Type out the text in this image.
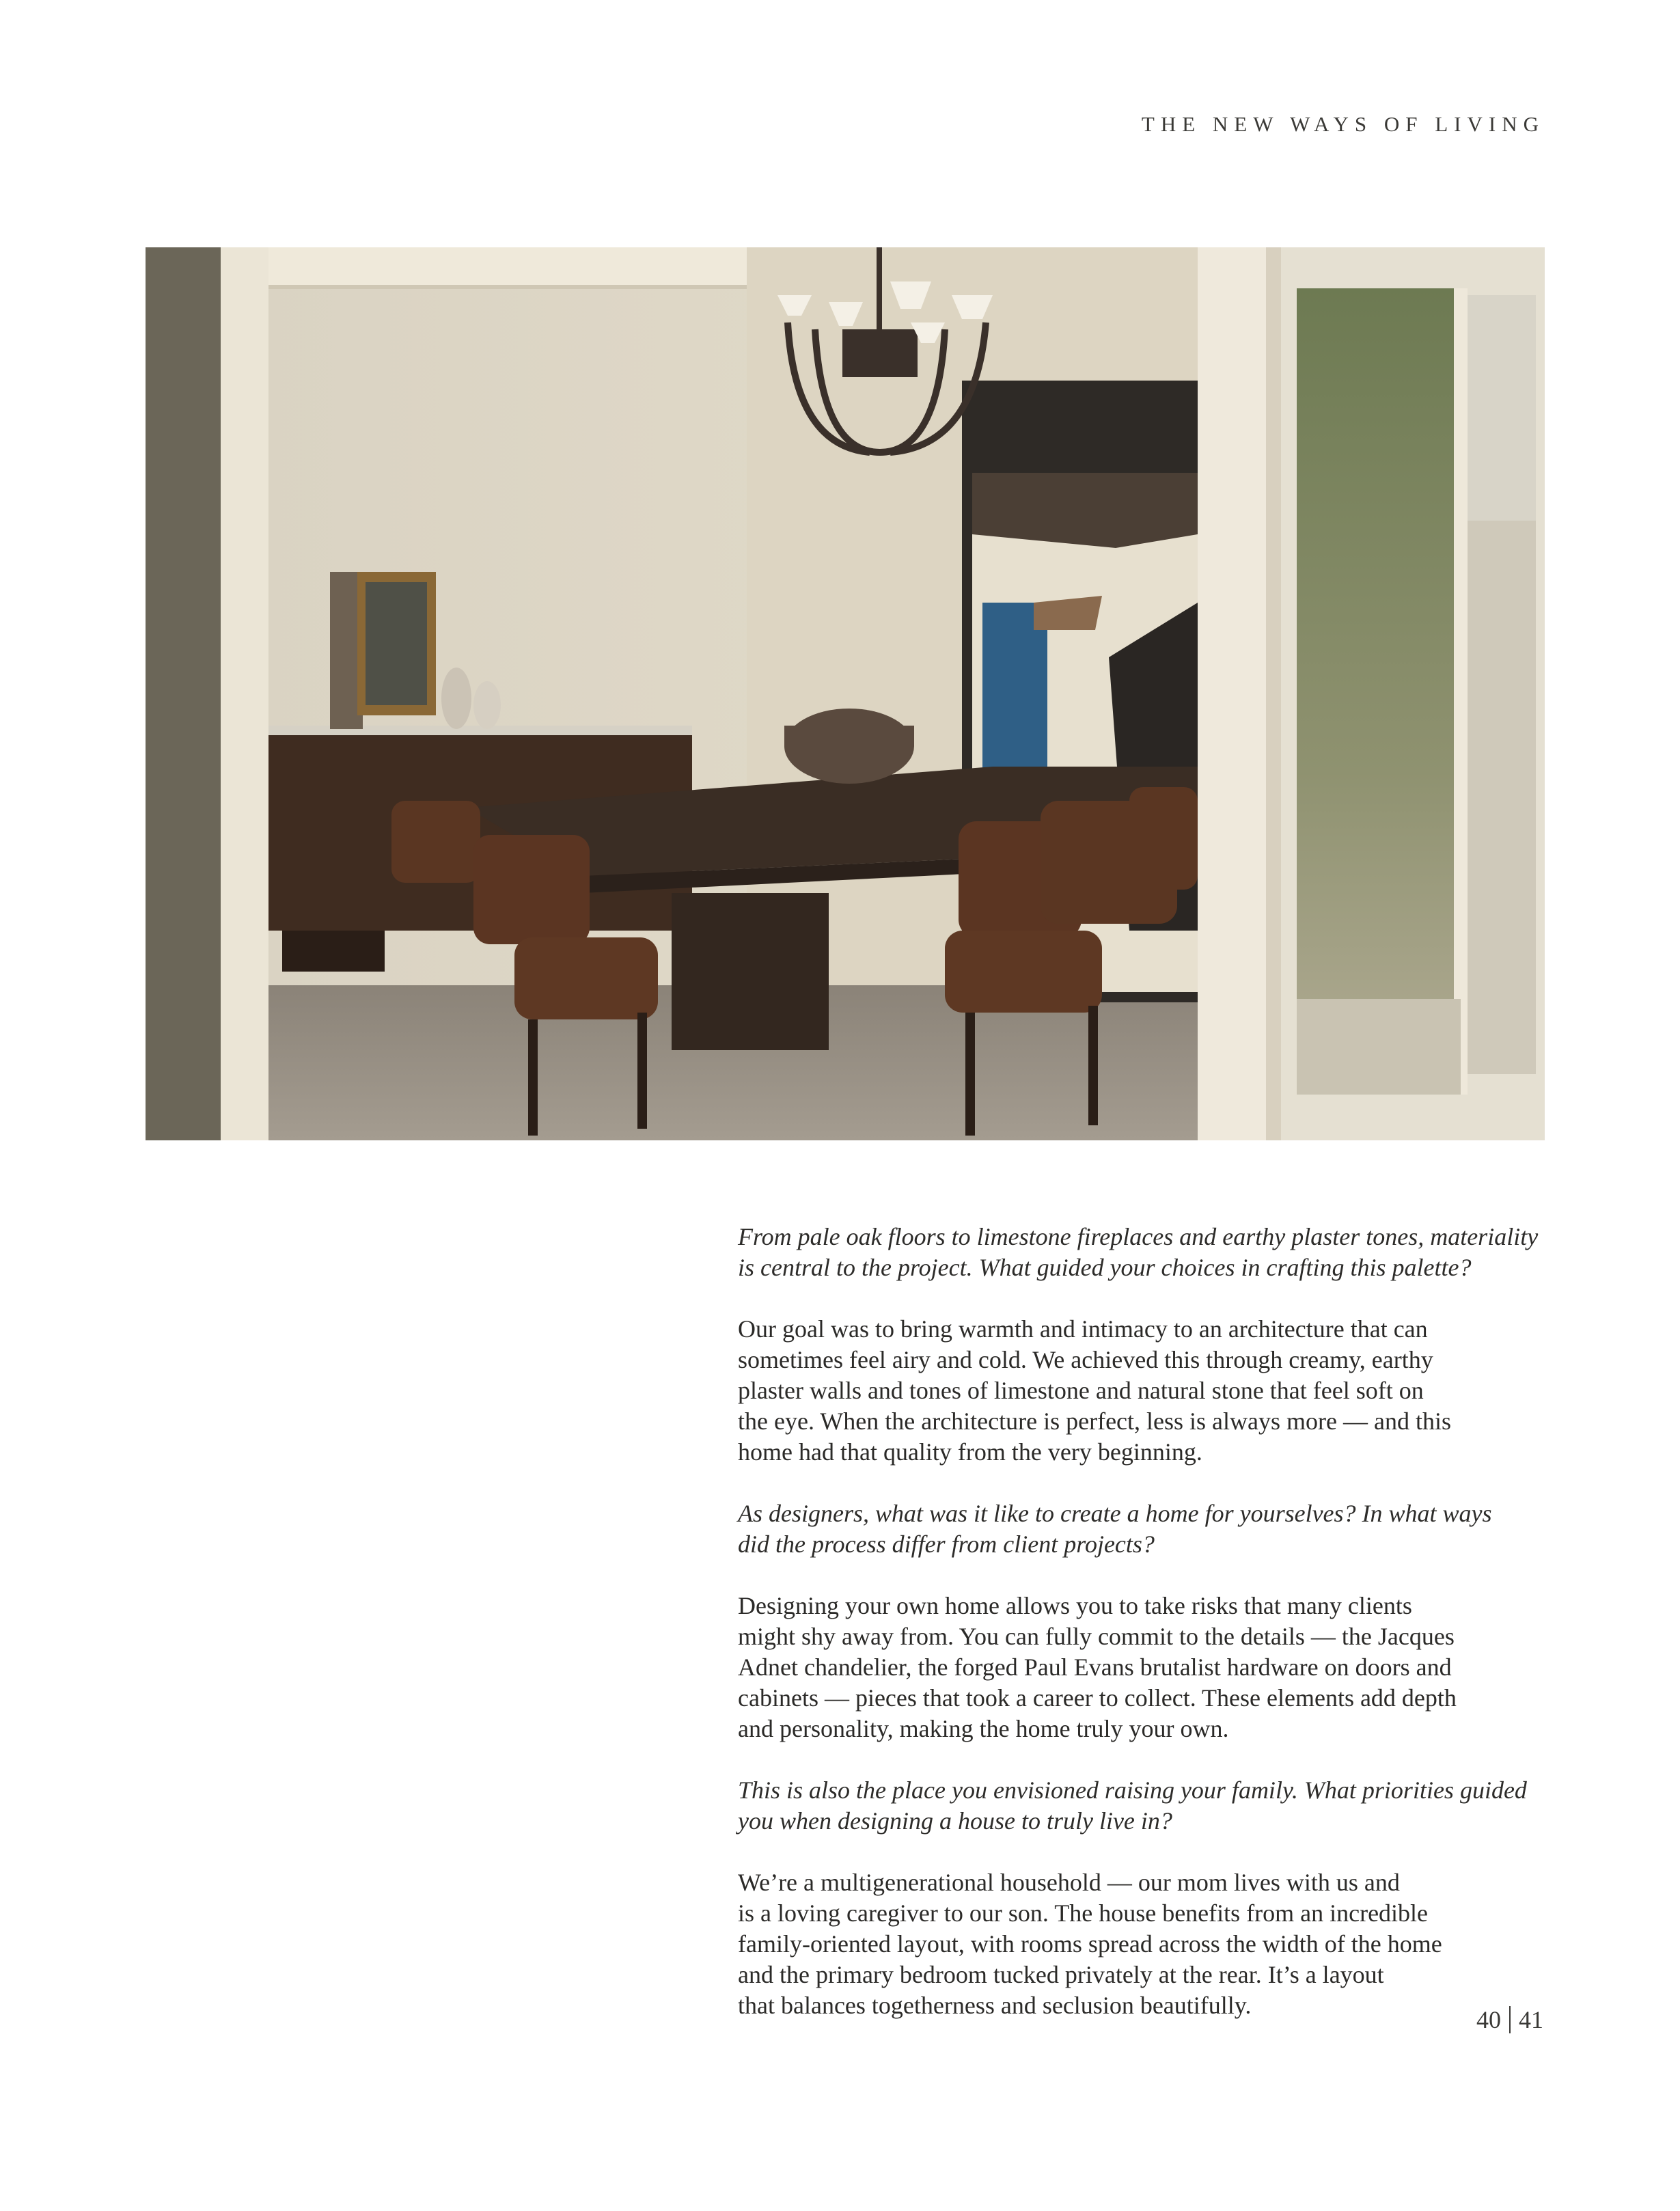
THE NEW WAYS OF LIVING

From pale oak floors to limestone fireplaces and earthy plaster tones, materiality
is central to the project. What guided your choices in crafting this palette?

Our goal was to bring warmth and intimacy to an architecture that can
sometimes feel airy and cold. We achieved this through creamy, earthy
plaster walls and tones of limestone and natural stone that feel soft on
the eye. When the architecture is perfect, less is always more — and this
home had that quality from the very beginning.

As designers, what was it like to create a home for yourselves? In what ways
did the process differ from client projects?

Designing your own home allows you to take risks that many clients
might shy away from. You can fully commit to the details — the Jacques
Adnet chandelier, the forged Paul Evans brutalist hardware on doors and
cabinets — pieces that took a career to collect. These elements add depth
and personality, making the home truly your own.

This is also the place you envisioned raising your family. What priorities guided
you when designing a house to truly live in?

We’re a multigenerational household — our mom lives with us and
is a loving caregiver to our son. The house benefits from an incredible
family-oriented layout, with rooms spread across the width of the home
and the primary bedroom tucked privately at the rear. It’s a layout
that balances togetherness and seclusion beautifully.

40 41
